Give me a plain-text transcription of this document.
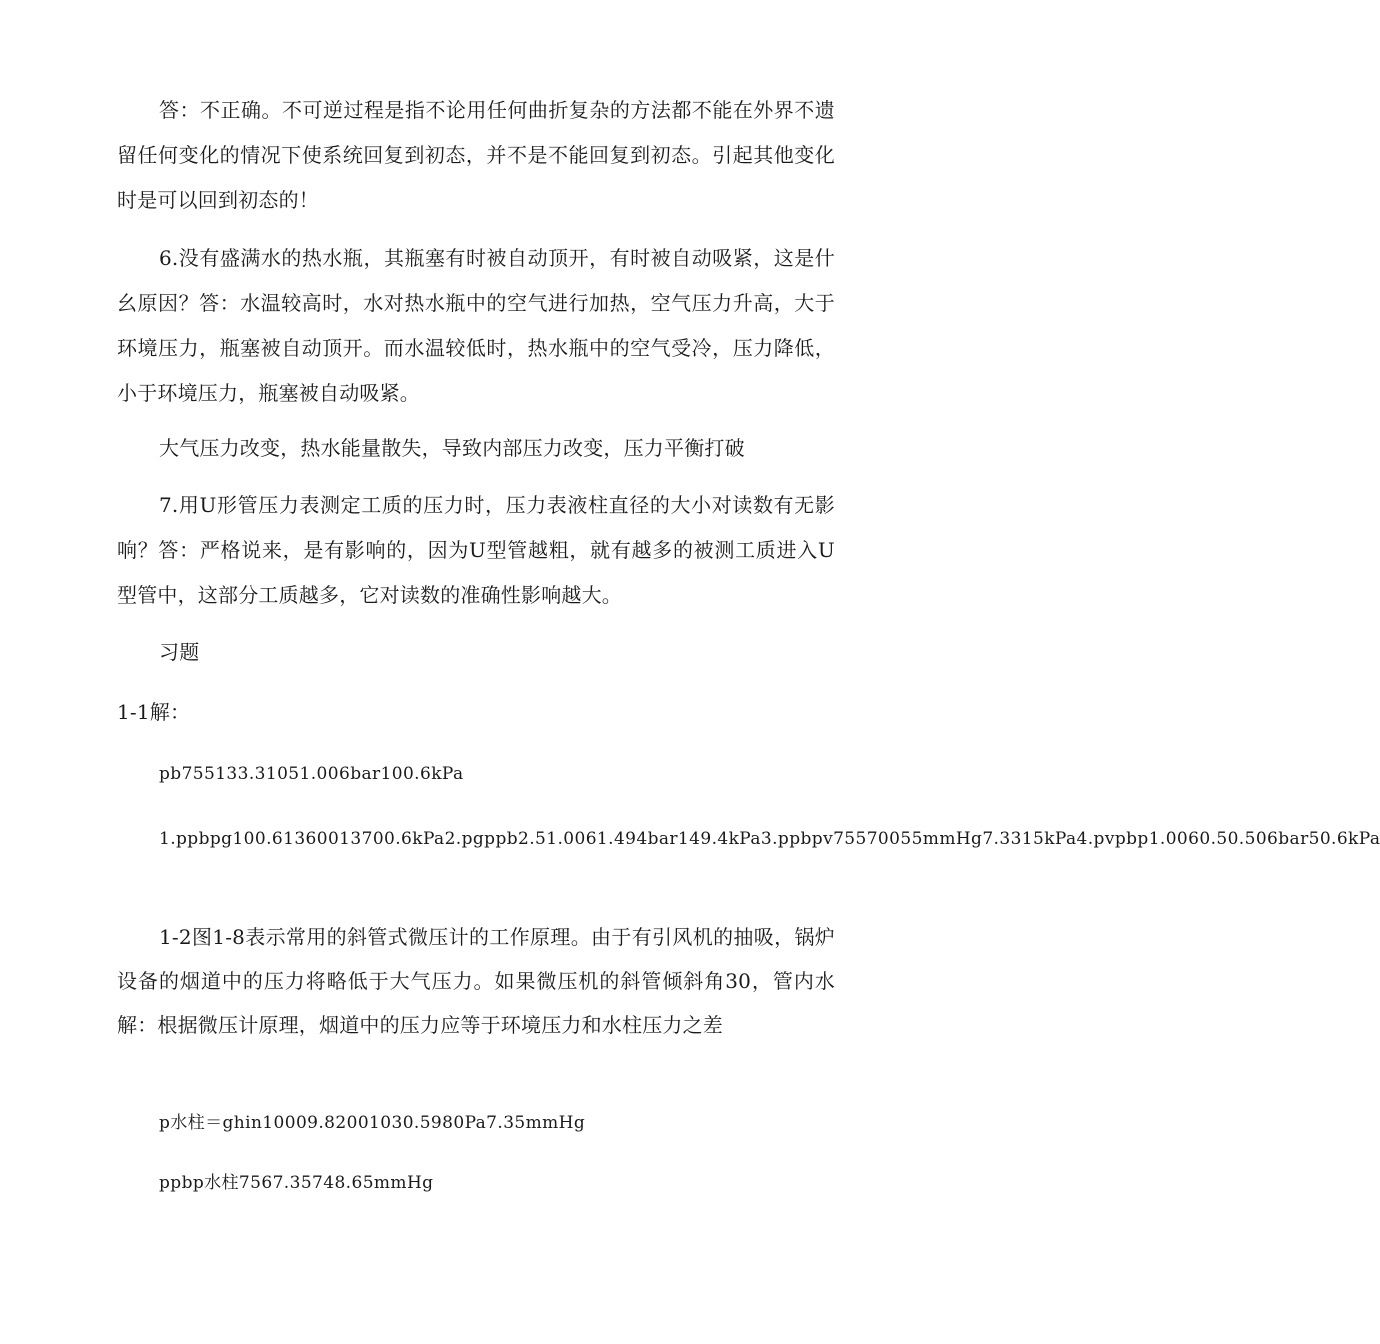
答：不正确。不可逆过程是指不论用任何曲折复杂的方法都不能在外界不遗留任何变化的情况下使系统回复到初态，并不是不能回复到初态。引起其他变化时是可以回到初态的！

6.没有盛满水的热水瓶，其瓶塞有时被自动顶开，有时被自动吸紧，这是什幺原因？答：水温较高时，水对热水瓶中的空气进行加热，空气压力升高，大于环境压力，瓶塞被自动顶开。而水温较低时，热水瓶中的空气受冷，压力降低，小于环境压力，瓶塞被自动吸紧。

大气压力改变，热水能量散失，导致内部压力改变，压力平衡打破

7.用U形管压力表测定工质的压力时，压力表液柱直径的大小对读数有无影响？答：严格说来，是有影响的，因为U型管越粗，就有越多的被测工质进入U型管中，这部分工质越多，它对读数的准确性影响越大。

习题

1-1解：

pb755133.31051.006bar100.6kPa

1.ppbpg100.61360013700.6kPa2.pgppb2.51.0061.494bar149.4kPa3.ppbpv75570055mmHg7.3315kPa4.pvpbp1.0060.50.506bar50.6kPa

1-2图1-8表示常用的斜管式微压计的工作原理。由于有引风机的抽吸，锅炉设备的烟道中的压力将略低于大气压力。如果微压机的斜管倾斜角30，管内水解：根据微压计原理，烟道中的压力应等于环境压力和水柱压力之差

p水柱＝ghin10009.82001030.5980Pa7.35mmHg

ppbp水柱7567.35748.65mmHg
